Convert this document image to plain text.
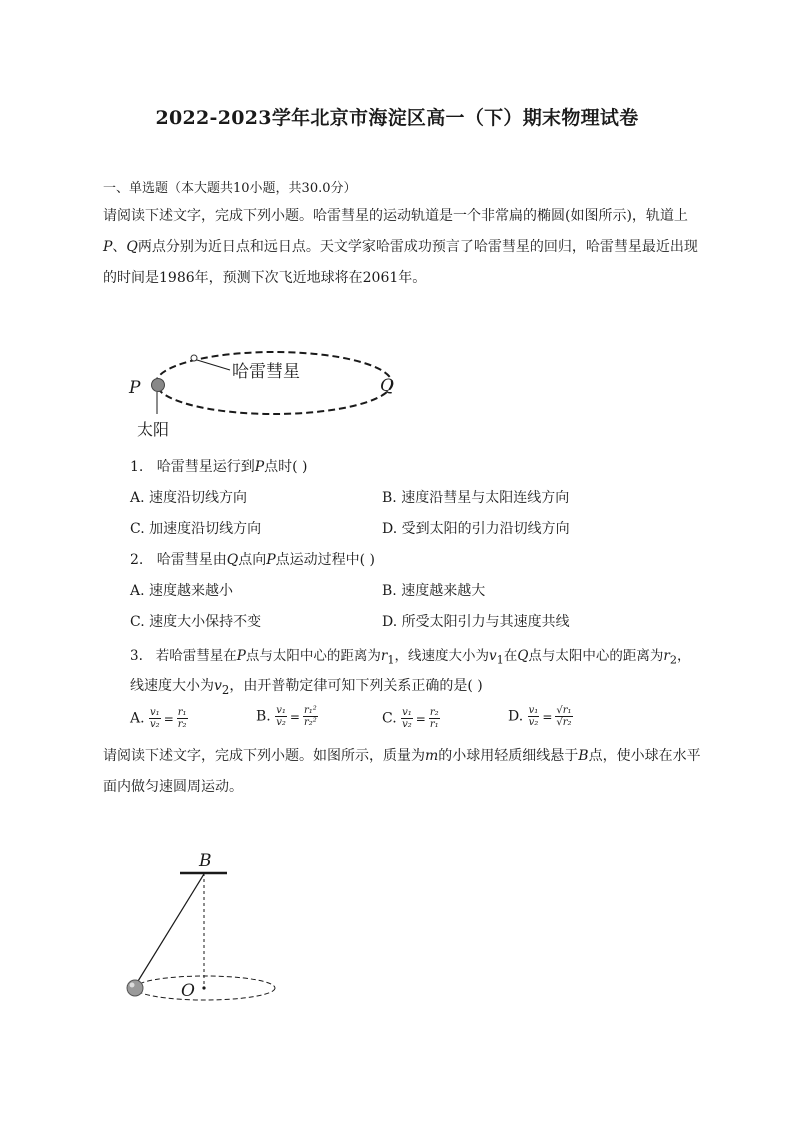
2022-2023学年北京市海淀区高一（下）期末物理试卷
一、单选题（本大题共10小题，共30.0分）
请阅读下述文字，完成下列小题。哈雷彗星的运动轨道是一个非常扁的椭圆(如图所示)，轨道上
P、Q两点分别为近日点和远日点。天文学家哈雷成功预言了哈雷彗星的回归，哈雷彗星最近出现
的时间是1986年，预测下次飞近地球将在2061年。
哈雷彗星
P	Q
太阳
1. 哈雷彗星运行到P点时( )
A. 速度沿切线方向	B. 速度沿彗星与太阳连线方向
C. 加速度沿切线方向	D. 受到太阳的引力沿切线方向
2. 哈雷彗星由Q点向P点运动过程中( )
A. 速度越来越小	B. 速度越来越大
C. 速度大小保持不变	D. 所受太阳引力与其速度共线
3. 若哈雷彗星在P点与太阳中心的距离为$r_1$，线速度大小为$v_1$在Q点与太阳中心的距离为$r_2$，
线速度大小为$v_2$，由开普勒定律可知下列关系正确的是( )
A. $\frac{\text{v₁}}{\text{v₂}} = \frac{\text{r₁}}{\text{r₂}}$	B. $\frac{\text{v₁}}{\text{v₂}} = \frac{\text{r₁²}}{\text{r₂²}}$	C. $\frac{\text{v₁}}{\text{v₂}} = \frac{\text{r₂}}{\text{r₁}}$	D. $\frac{\text{v₁}}{\text{v₂}} = \frac{\text{√r₁}}{\text{√r₂}}$
请阅读下述文字，完成下列小题。如图所示，质量为m的小球用轻质细线悬于B点，使小球在水平
面内做匀速圆周运动。
B
O
